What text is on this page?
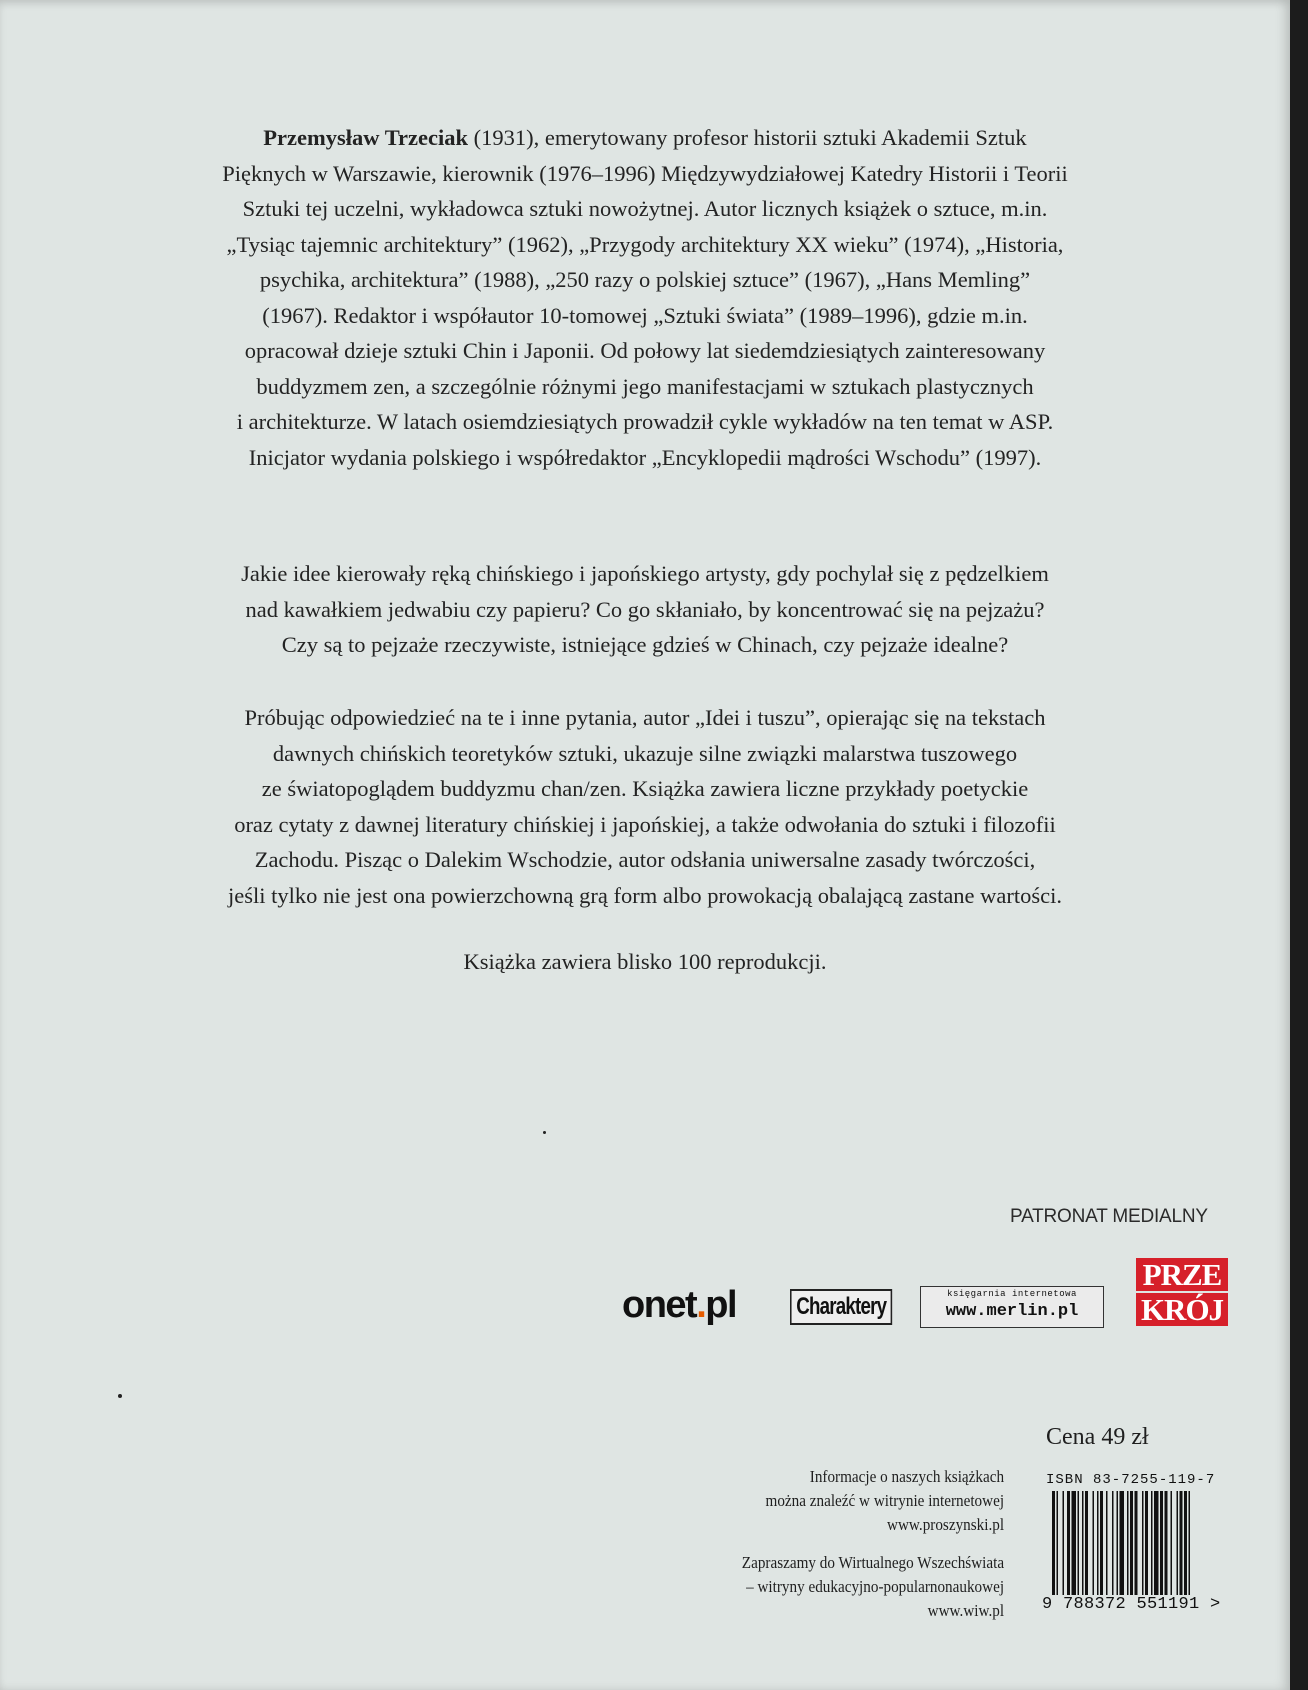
Przemysław Trzeciak (1931), emerytowany profesor historii sztuki Akademii Sztuk
Pięknych w Warszawie, kierownik (1976–1996) Międzywydziałowej Katedry Historii i Teorii
Sztuki tej uczelni, wykładowca sztuki nowożytnej. Autor licznych książek o sztuce, m.in.
„Tysiąc tajemnic architektury” (1962), „Przygody architektury XX wieku” (1974), „Historia,
psychika, architektura” (1988), „250 razy o polskiej sztuce” (1967), „Hans Memling”
(1967). Redaktor i współautor 10-tomowej „Sztuki świata” (1989–1996), gdzie m.in.
opracował dzieje sztuki Chin i Japonii. Od połowy lat siedemdziesiątych zainteresowany
buddyzmem zen, a szczególnie różnymi jego manifestacjami w sztukach plastycznych
i architekturze. W latach osiemdziesiątych prowadził cykle wykładów na ten temat w ASP.
Inicjator wydania polskiego i współredaktor „Encyklopedii mądrości Wschodu” (1997).
Jakie idee kierowały ręką chińskiego i japońskiego artysty, gdy pochylał się z pędzelkiem
nad kawałkiem jedwabiu czy papieru? Co go skłaniało, by koncentrować się na pejzażu?
Czy są to pejzaże rzeczywiste, istniejące gdzieś w Chinach, czy pejzaże idealne?
Próbując odpowiedzieć na te i inne pytania, autor „Idei i tuszu”, opierając się na tekstach
dawnych chińskich teoretyków sztuki, ukazuje silne związki malarstwa tuszowego
ze światopoglądem buddyzmu chan/zen. Książka zawiera liczne przykłady poetyckie
oraz cytaty z dawnej literatury chińskiej i japońskiej, a także odwołania do sztuki i filozofii
Zachodu. Pisząc o Dalekim Wschodzie, autor odsłania uniwersalne zasady twórczości,
jeśli tylko nie jest ona powierzchowną grą form albo prowokacją obalającą zastane wartości.
Książka zawiera blisko 100 reprodukcji.
PATRONAT MEDIALNY
onet.pl	Charaktery	księgarnia internetowa
www.merlin.pl
PRZE
KRÓJ
Cena 49 zł
Informacje o naszych książkach
można znaleźć w witrynie internetowej
www.proszynski.pl
Zapraszamy do Wirtualnego Wszechświata
– witryny edukacyjno-popularnonaukowej
www.wiw.pl
ISBN 83-7255-119-7
9 788372 551191 >
